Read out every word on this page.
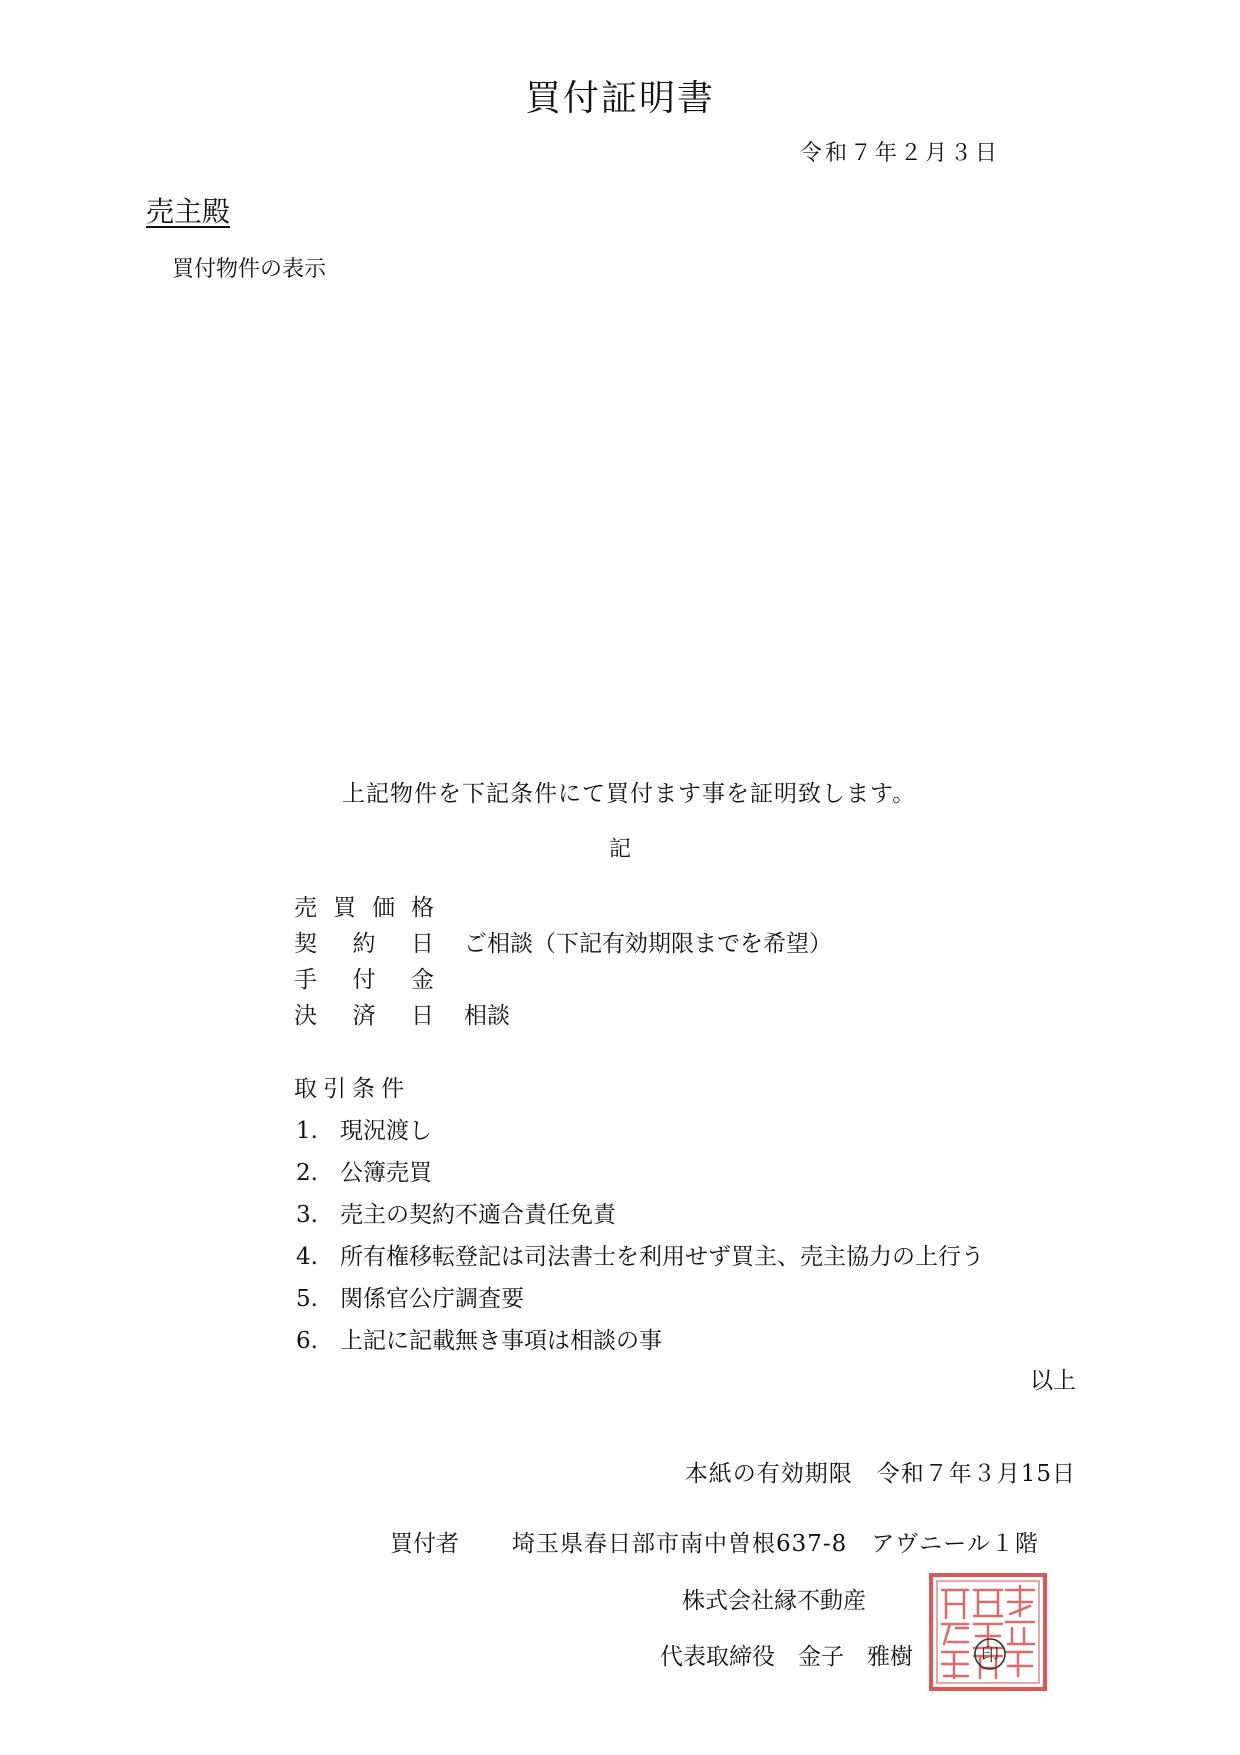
買付証明書
令和７年２月３日
売主殿
買付物件の表示
上記物件を下記条件にて買付ます事を証明致します。
記
売 買 価 格
契 約 日 ご相談（下記有効期限までを希望）
手 付 金
決 済 日 相談
取引条件
1. 現況渡し
2. 公簿売買
3. 売主の契約不適合責任免責
4. 所有権移転登記は司法書士を利用せず買主、売主協力の上行う
5. 関係官公庁調査要
6. 上記に記載無き事項は相談の事
以上
本紙の有効期限　令和７年３月15日
買付者 埼玉県春日部市南中曽根637-8　アヴニール１階
株式会社縁不動産
代表取締役　金子　雅樹	印
